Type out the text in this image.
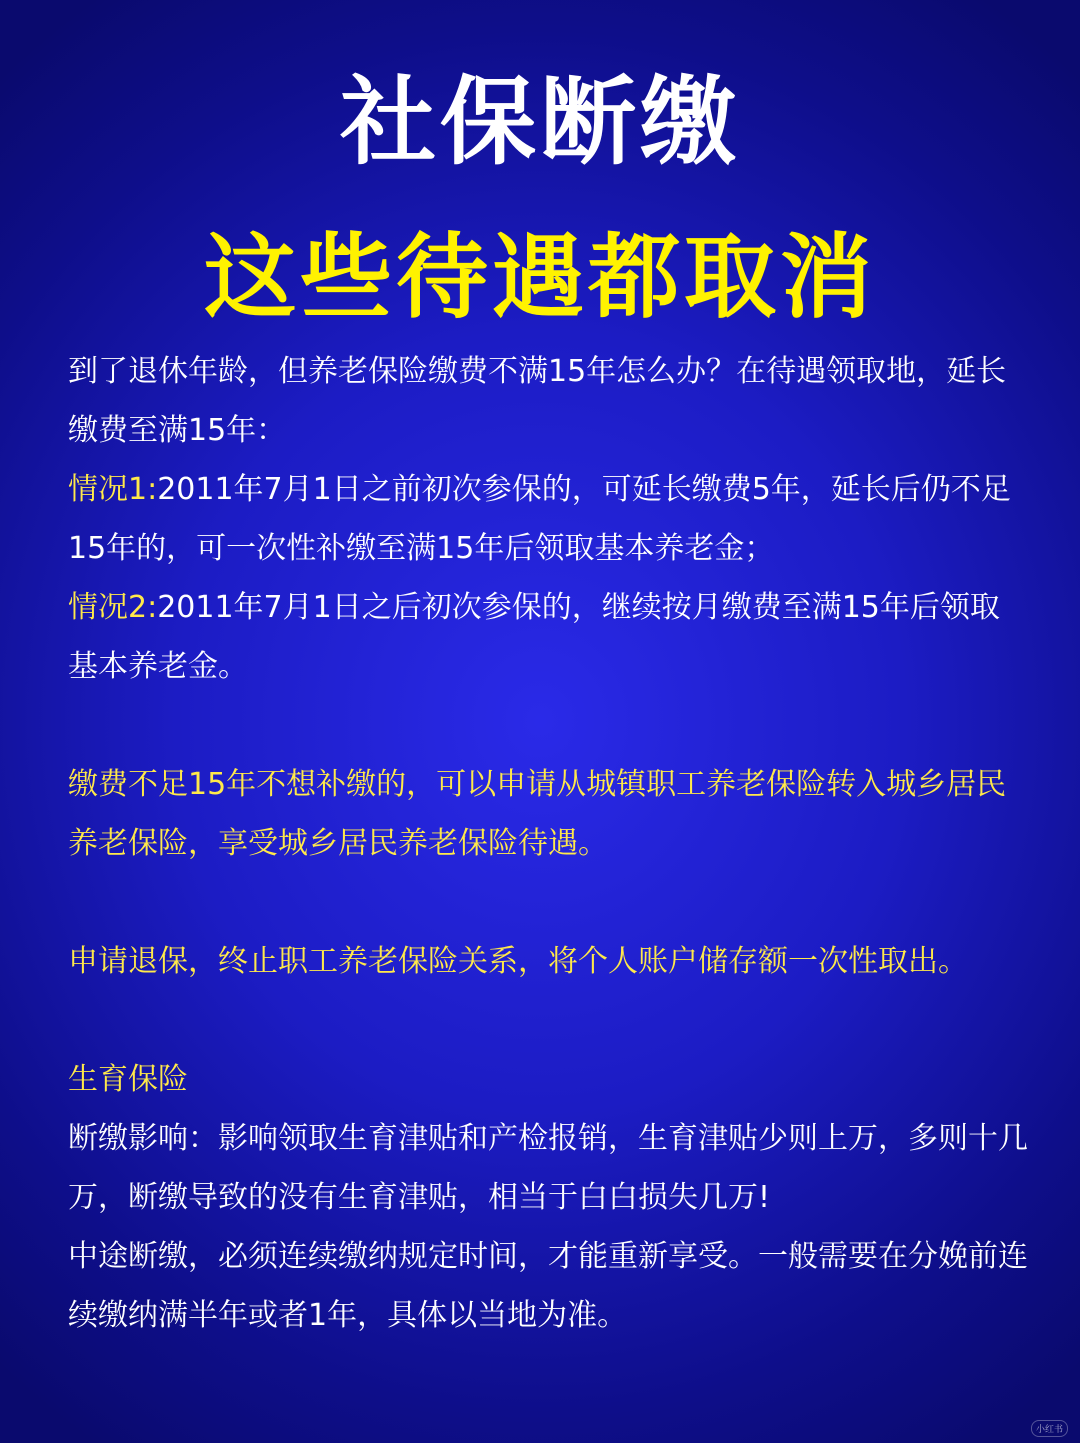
社保断缴
这些待遇都取消

到了退休年龄，但养老保险缴费不满15年怎么办？在待遇领取地，延长缴费至满15年：

情况1:2011年7月1日之前初次参保的，可延长缴费5年，延长后仍不足15年的，可一次性补缴至满15年后领取基本养老金；

情况2:2011年7月1日之后初次参保的，继续按月缴费至满15年后领取基本养老金。

缴费不足15年不想补缴的，可以申请从城镇职工养老保险转入城乡居民养老保险，享受城乡居民养老保险待遇。

申请退保，终止职工养老保险关系，将个人账户储存额一次性取出。

生育保险

断缴影响：影响领取生育津贴和产检报销，生育津贴少则上万，多则十几万，断缴导致的没有生育津贴，相当于白白损失几万!

中途断缴，必须连续缴纳规定时间，才能重新享受。一般需要在分娩前连续缴纳满半年或者1年，具体以当地为准。

小红书
